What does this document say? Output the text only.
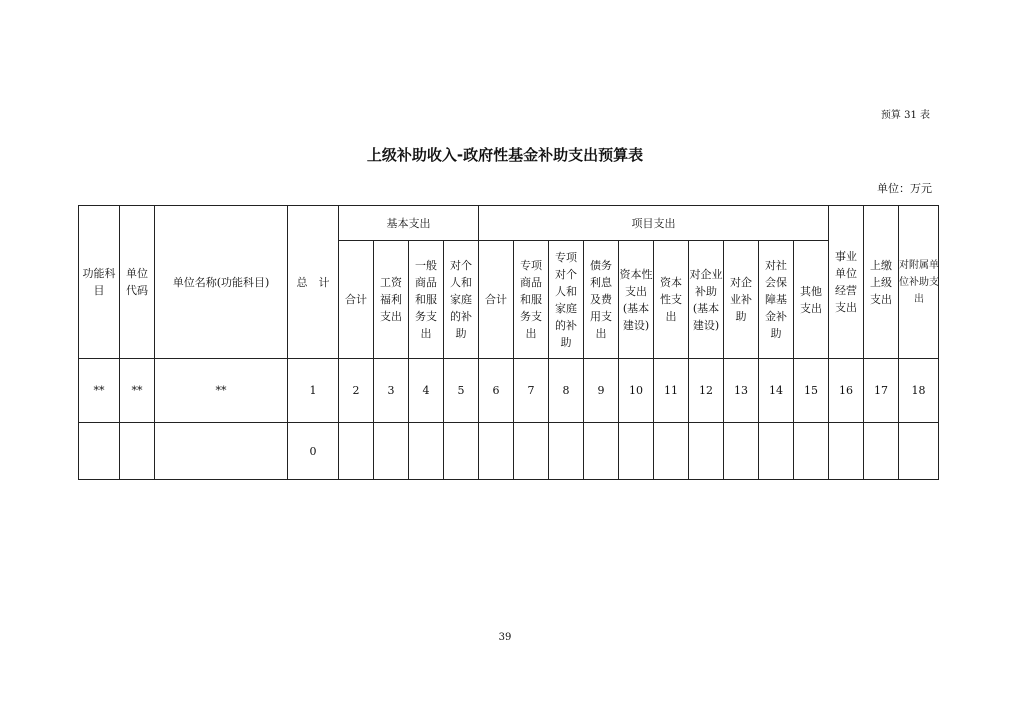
预算 31 表
上级补助收入-政府性基金补助支出预算表
单位：万元
功能科目	单位代码	单位名称(功能科目)	总　计	基本支出				项目支出										事业单位经营支出	上缴上级支出	对附属单位补助支出
				合计	工资福利支出	一般商品和服务支出	对个人和家庭的补助	合计	专项商品和服务支出	专项对个人和家庭的补助	债务利息及费用支出	资本性支出(基本建设)	资本性支出	对企业补助(基本建设)	对企业补助	对社会保障基金补助	其他支出			
**	**	**	1	2	3	4	5	6	7	8	9	10	11	12	13	14	15	16	17	18
			0																	
39
